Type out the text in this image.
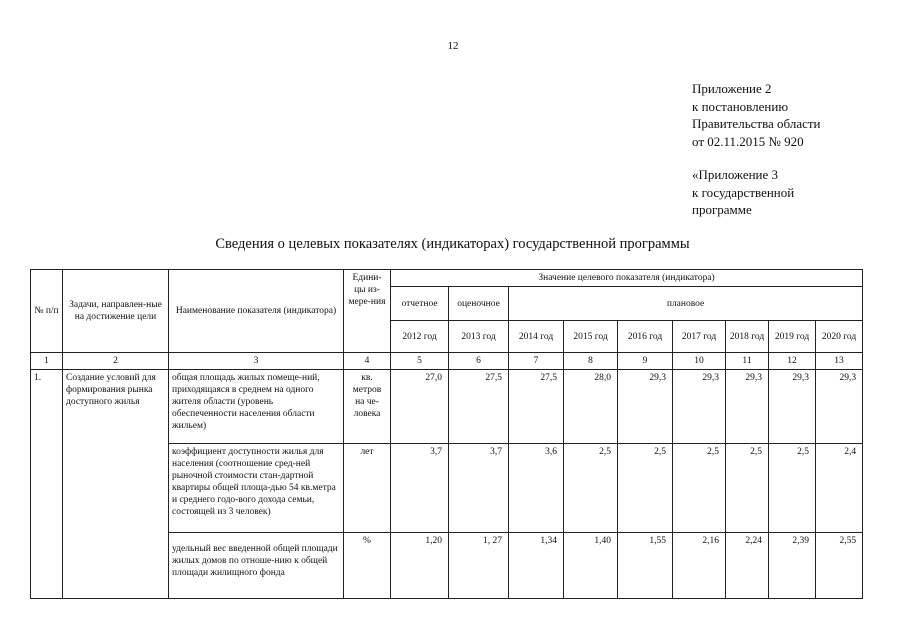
12
Приложение 2
к постановлению
Правительства области
от 02.11.2015 № 920
«Приложение 3
к государственной
программе
Сведения о целевых показателях (индикаторах) государственной программы
№ п/п	Задачи, направлен-ные на достижение цели	Наименование показателя (индикатора)	Едини-цы из-мере-ния	Значение целевого показателя (индикатора)								
				отчетное	оценочное	плановое						
				2012 год	2013 год	2014 год	2015 год	2016 год	2017 год	2018 год	2019 год	2020 год
1	2	3	4	5	6	7	8	9	10	11	12	13
1.	Создание условий для формирования рынка доступного жилья	общая площадь жилых помеще-ний, приходящаяся в среднем на одного жителя области (уровень обеспеченности населения области жильем)	кв. метров на че-ловека	27,0	27,5	27,5	28,0	29,3	29,3	29,3	29,3	29,3
		коэффициент доступности жилья для населения (соотношение сред-ней рыночной стоимости стан-дартной квартиры общей площа-дью 54 кв.метра и среднего годо-вого дохода семьи, состоящей из 3 человек)	лет	3,7	3,7	3,6	2,5	2,5	2,5	2,5	2,5	2,4
		удельный вес введенной общей площади жилых домов по отноше-нию к общей площади жилищного фонда	%	1,20	1, 27	1,34	1,40	1,55	2,16	2,24	2,39	2,55
